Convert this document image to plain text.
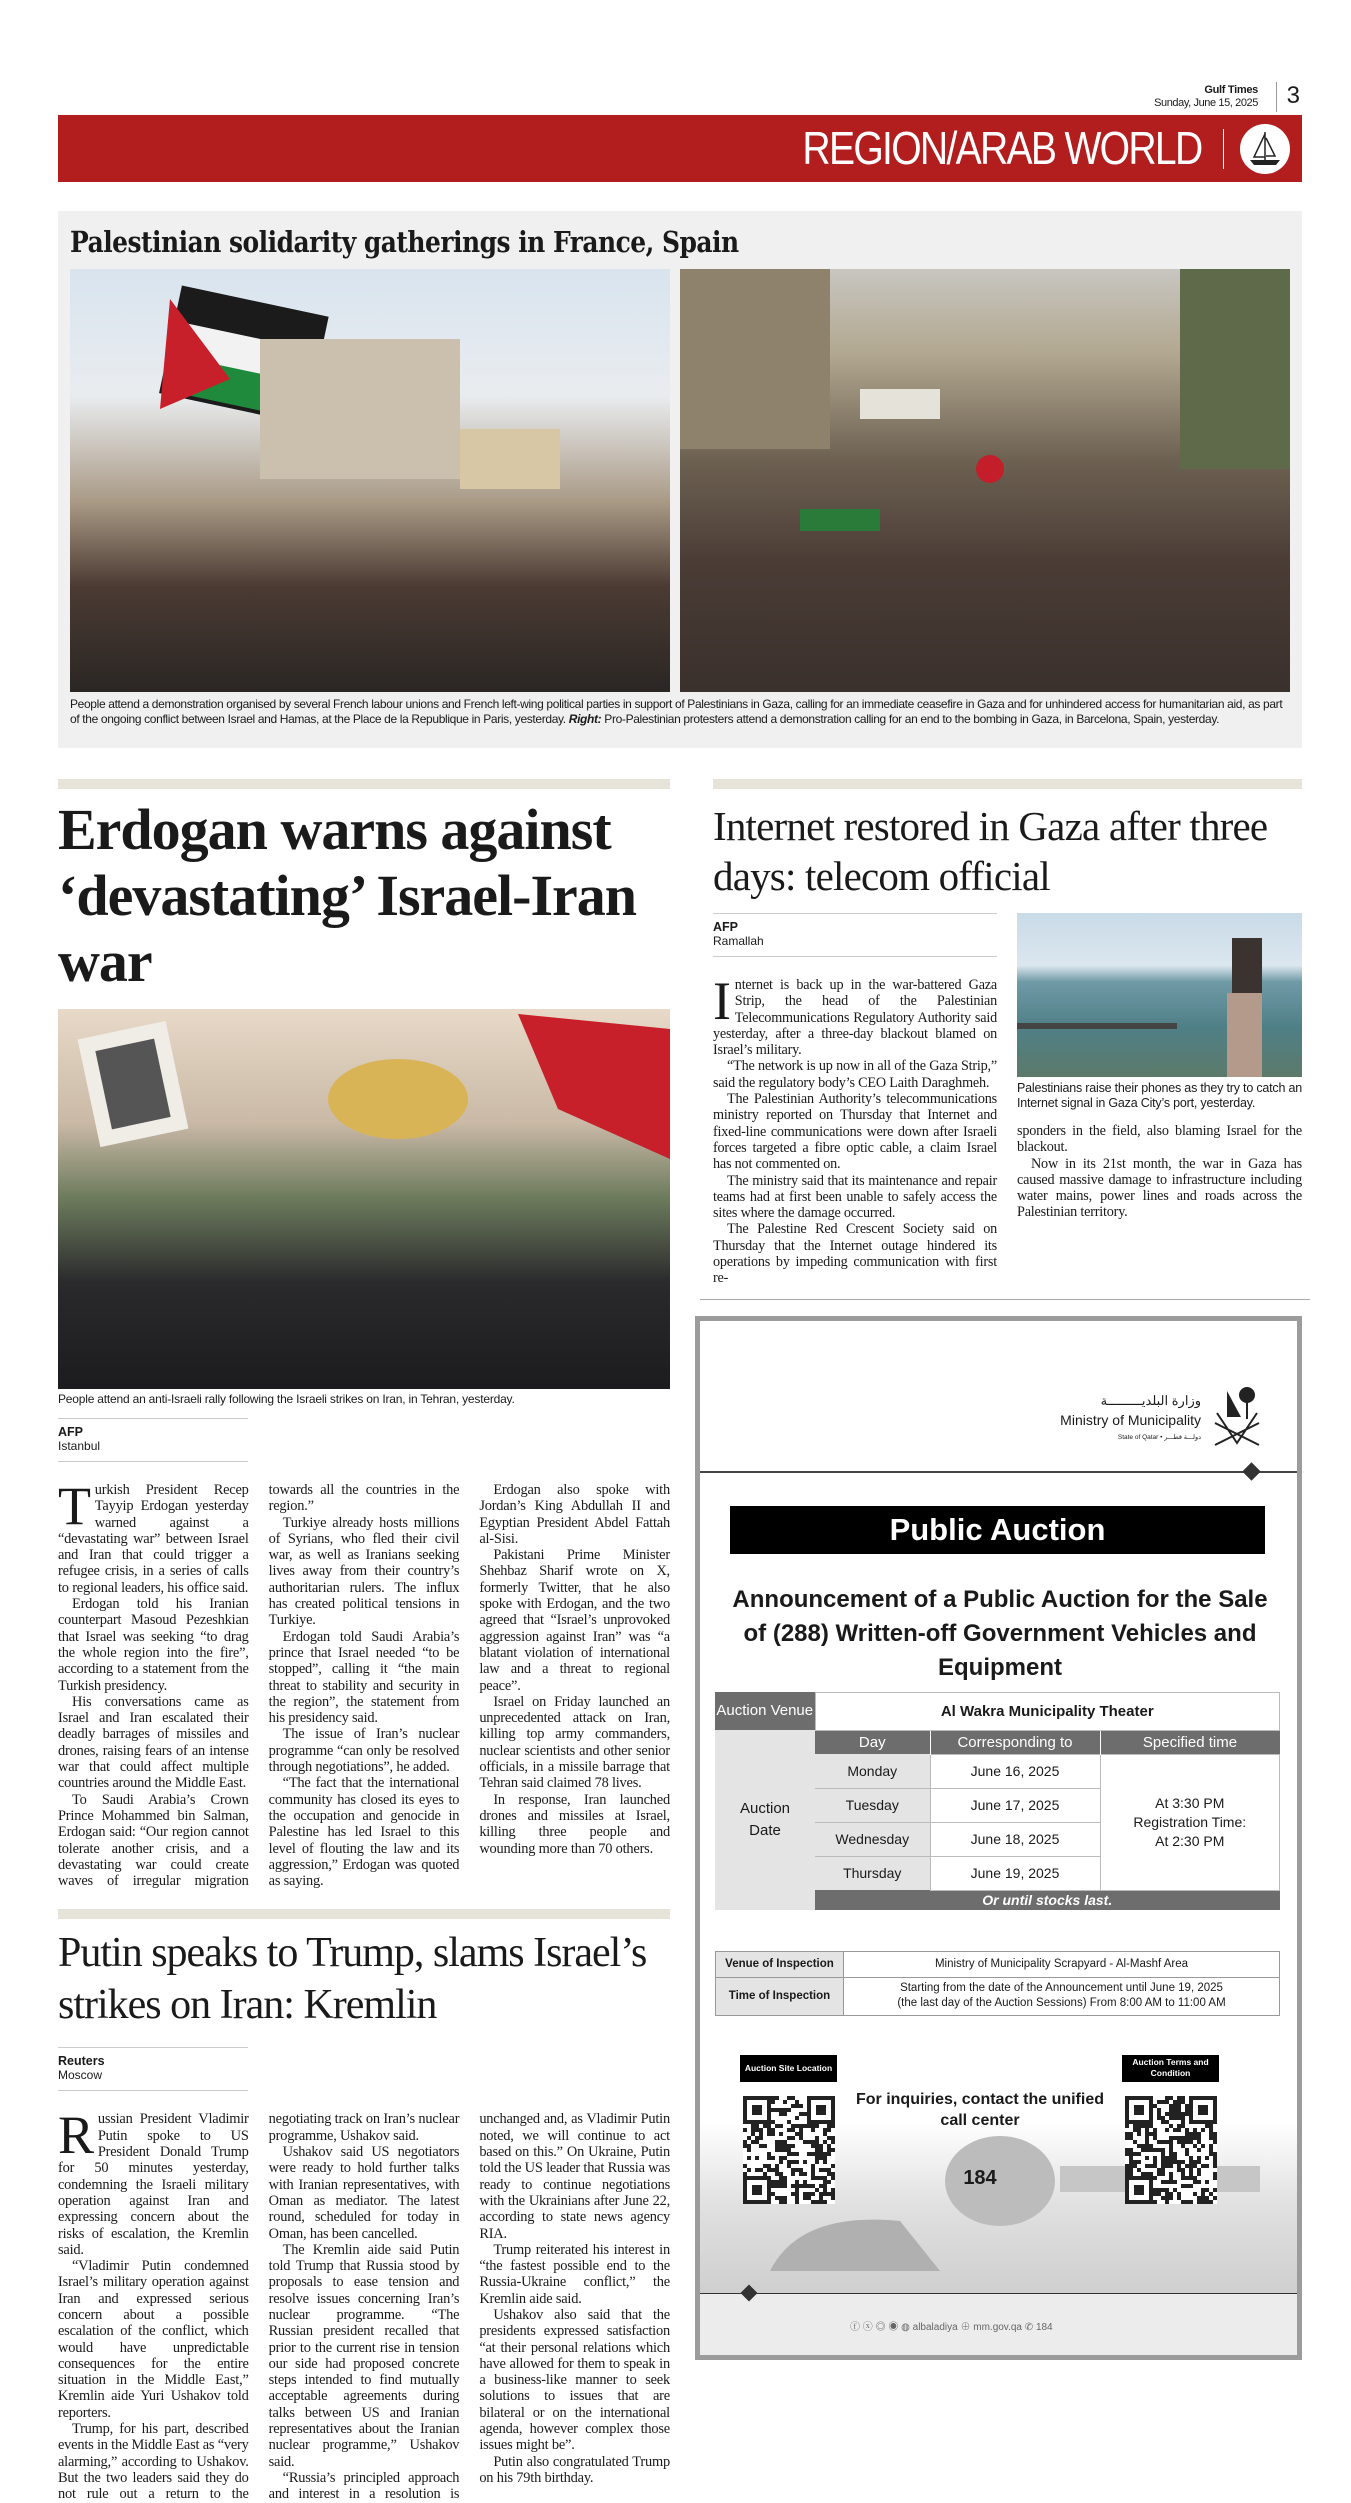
Gulf Times
Sunday, June 15, 2025	3
REGION/ARAB WORLD
Palestinian solidarity gatherings in France, Spain

People attend a demonstration organised by several French labour unions and French left-wing political parties in support of Palestinians in Gaza, calling for an immediate ceasefire in Gaza and for unhindered access for humanitarian aid, as part of the ongoing conflict between Israel and Hamas, at the Place de la Republique in Paris, yesterday. Right: Pro-Palestinian protesters attend a demonstration calling for an end to the bombing in Gaza, in Barcelona, Spain, yesterday.

Erdogan warns against ‘devastating’ Israel-Iran war

People attend an anti-Israeli rally following the Israeli strikes on Iran, in Tehran, yesterday.

AFP
Istanbul

Turkish President Recep Tayyip Erdogan yesterday warned against a “devastating war” between Israel and Iran that could trigger a refugee crisis, in a series of calls to regional leaders, his office said.

Erdogan told his Iranian counterpart Masoud Pezeshkian that Israel was seeking “to drag the whole region into the fire”, according to a statement from the Turkish presidency.

His conversations came as Israel and Iran escalated their deadly barrages of missiles and drones, raising fears of an intense war that could affect multiple countries around the Middle East.

To Saudi Arabia’s Crown Prince Mohammed bin Salman, Erdogan said: “Our region cannot tolerate another crisis, and a devastating war could create waves of irregular migration towards all the countries in the region.”

Turkiye already hosts millions of Syrians, who fled their civil war, as well as Iranians seeking lives away from their country’s authoritarian rulers. The influx has created political tensions in Turkiye.

Erdogan told Saudi Arabia’s prince that Israel needed “to be stopped”, calling it “the main threat to stability and security in the region”, the statement from his presidency said.

The issue of Iran’s nuclear programme “can only be resolved through negotiations”, he added.

“The fact that the international community has closed its eyes to the occupation and genocide in Palestine has led Israel to this level of flouting the law and its aggression,” Erdogan was quoted as saying.

Erdogan also spoke with Jordan’s King Abdullah II and Egyptian President Abdel Fattah al-Sisi.

Pakistani Prime Minister Shehbaz Sharif wrote on X, formerly Twitter, that he also spoke with Erdogan, and the two agreed that “Israel’s unprovoked aggression against Iran” was “a blatant violation of international law and a threat to regional peace”.

Israel on Friday launched an unprecedented attack on Iran, killing top army commanders, nuclear scientists and other senior officials, in a missile barrage that Tehran said claimed 78 lives.

In response, Iran launched drones and missiles at Israel, killing three people and wounding more than 70 others.

Putin speaks to Trump, slams Israel’s strikes on Iran: Kremlin
Reuters
Moscow

Russian President Vladimir Putin spoke to US President Donald Trump for 50 minutes yesterday, condemning the Israeli military operation against Iran and expressing concern about the risks of escalation, the Kremlin said.

“Vladimir Putin condemned Israel’s military operation against Iran and expressed serious concern about a possible escalation of the conflict, which would have unpredictable consequences for the entire situation in the Middle East,” Kremlin aide Yuri Ushakov told reporters.

Trump, for his part, described events in the Middle East as “very alarming,” according to Ushakov. But the two leaders said they do not rule out a return to the negotiating track on Iran’s nuclear programme, Ushakov said.

Ushakov said US negotiators were ready to hold further talks with Iranian representatives, with Oman as mediator. The latest round, scheduled for today in Oman, has been cancelled.

The Kremlin aide said Putin told Trump that Russia stood by proposals to ease tension and resolve issues concerning Iran’s nuclear programme. “The Russian president recalled that prior to the current rise in tension our side had proposed concrete steps intended to find mutually acceptable agreements during talks between US and Iranian representatives about the Iranian nuclear programme,” Ushakov said.

“Russia’s principled approach and interest in a resolution is unchanged and, as Vladimir Putin noted, we will continue to act based on this.” On Ukraine, Putin told the US leader that Russia was ready to continue negotiations with the Ukrainians after June 22, according to state news agency RIA.

Trump reiterated his interest in “the fastest possible end to the Russia-Ukraine conflict,” the Kremlin aide said.

Ushakov also said that the presidents expressed satisfaction “at their personal relations which have allowed for them to speak in a business-like manner to seek solutions to issues that are bilateral or on the international agenda, however complex those issues might be”.

Putin also congratulated Trump on his 79th birthday.

Internet restored in Gaza after three days: telecom official
AFP
Ramallah

Internet is back up in the war-battered Gaza Strip, the head of the Palestinian Telecommunications Regulatory Authority said yesterday, after a three-day blackout blamed on Israel’s military.

“The network is up now in all of the Gaza Strip,” said the regulatory body’s CEO Laith Daraghmeh.

The Palestinian Authority’s telecommunications ministry reported on Thursday that Internet and fixed-line communications were down after Israeli forces targeted a fibre optic cable, a claim Israel has not commented on.

The ministry said that its maintenance and repair teams had at first been unable to safely access the sites where the damage occurred.

The Palestine Red Crescent Society said on Thursday that the Internet outage hindered its operations by impeding communication with first re-

Palestinians raise their phones as they try to catch an Internet signal in Gaza City’s port, yesterday.

sponders in the field, also blaming Israel for the blackout.

Now in its 21st month, the war in Gaza has caused massive damage to infrastructure including water mains, power lines and roads across the Palestinian territory.

وزارة البلديـــــــــة
Ministry of Municipality
State of Qatar • دولـــة قطـــر
Public Auction
Announcement of a Public Auction for the Sale of (288) Written-off Government Vehicles and Equipment
Auction Venue	Al Wakra Municipality Theater		
Auction Date	Day	Corresponding to	Specified time
	Monday	June 16, 2025	At 3:30 PM
Registration Time:
At 2:30 PM
	Tuesday	June 17, 2025	
	Wednesday	June 18, 2025	
	Thursday	June 19, 2025	
	Or until stocks last.		
Venue of Inspection	Ministry of Municipality Scrapyard - Al-Mashf Area
Time of Inspection	Starting from the date of the Announcement until June 19, 2025
(the last day of the Auction Sessions) From 8:00 AM to 11:00 AM
Auction Site Location
Auction Terms and Condition
For inquiries, contact the unified call center
184
ⓕ ⓧ ◎ ◉ ◍ albaladiya ⊕ mm.gov.qa ✆ 184
